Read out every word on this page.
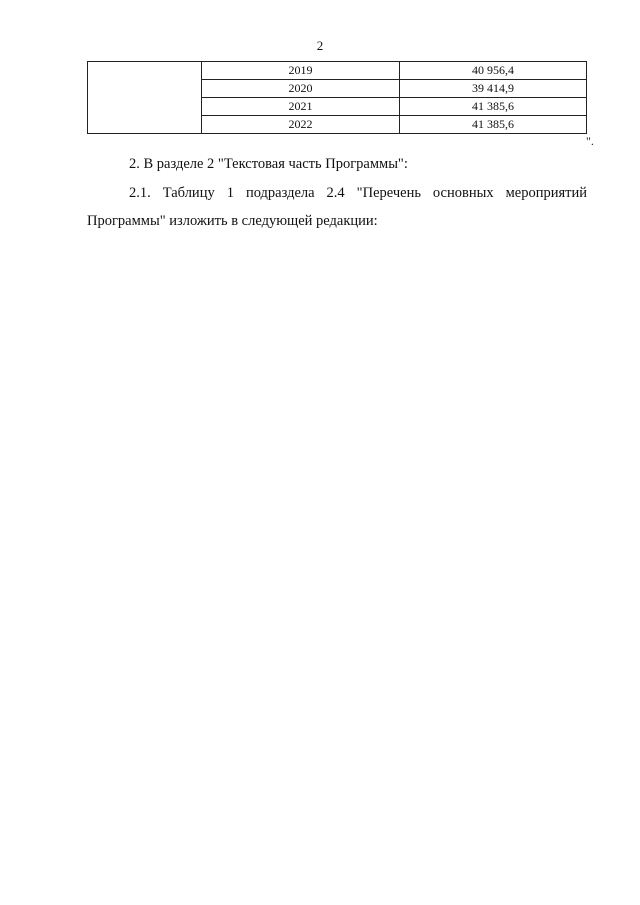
2
	2019	40 956,4
	2020	39 414,9
	2021	41 385,6
	2022	41 385,6
".

2. В разделе 2 "Текстовая часть Программы":

2.1. Таблицу 1 подраздела 2.4 "Перечень основных мероприятий Программы" изложить в следующей редакции:
